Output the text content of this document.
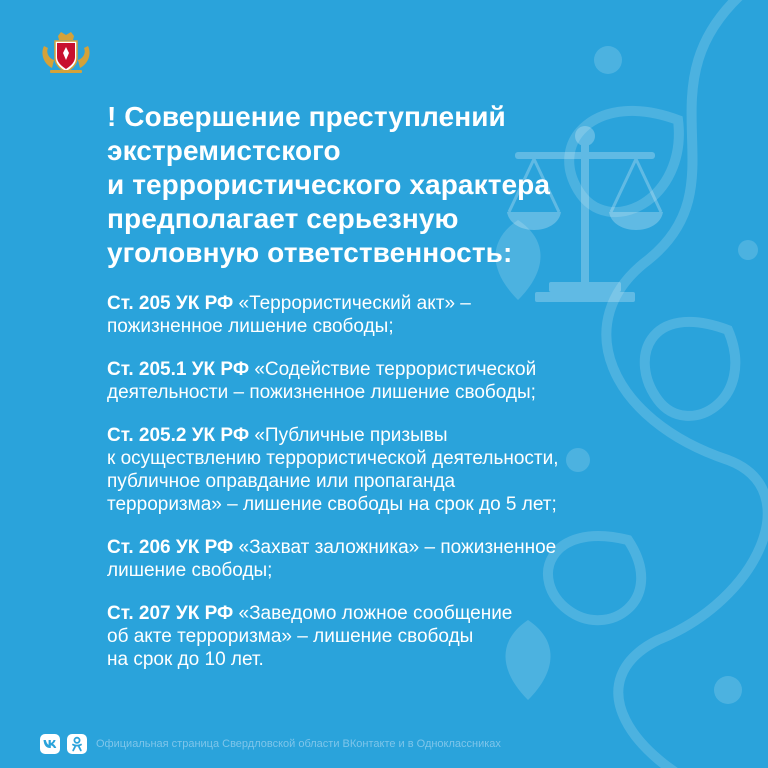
! Совершение преступлений
экстремистского
и террористического характера
предполагает серьезную
уголовную ответственность:
Ст. 205 УК РФ «Террористический акт» –
пожизненное лишение свободы;
Ст. 205.1 УК РФ «Содействие террористической
деятельности – пожизненное лишение свободы;
Ст. 205.2 УК РФ «Публичные призывы
к осуществлению террористической деятельности,
публичное оправдание или пропаганда
терроризма» – лишение свободы на срок до 5 лет;
Ст. 206 УК РФ «Захват заложника» – пожизненное
лишение свободы;
Ст. 207 УК РФ «Заведомо ложное сообщение
об акте терроризма» – лишение свободы
на срок до 10 лет.
Официальная страница Свердловской области ВКонтакте и в Одноклассниках
